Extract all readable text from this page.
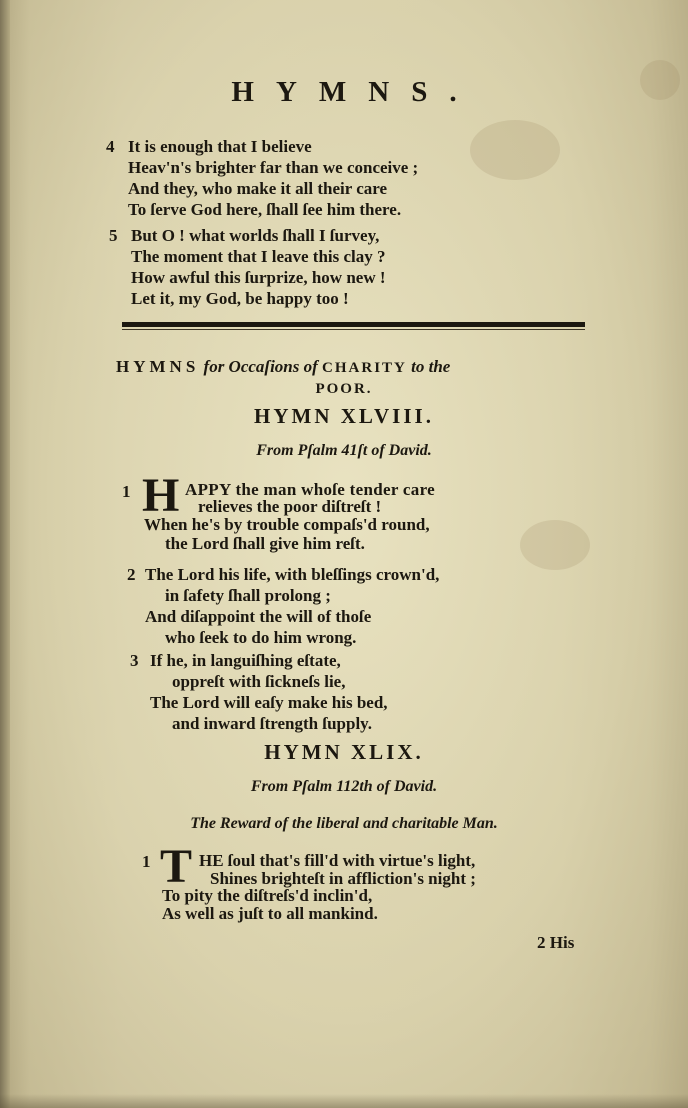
HYMNS.
4 It is enough that I believe
Heav'n's brighter far than we conceive ;
And they, who make it all their care
To ſerve God here, ſhall ſee him there.
5 But O ! what worlds ſhall I ſurvey,
The moment that I leave this clay ?
How awful this ſurprize, how new !
Let it, my God, be happy too !
HYMNS for Occaſions of CHARITY to the
POOR.
HYMN XLVIII.
From Pſalm 41ſt of David.
1 H APPY the man whoſe tender care
relieves the poor diſtreſt !
When he's by trouble compaſs'd round,
the Lord ſhall give him reſt.
2 The Lord his life, with bleſſings crown'd,
in ſafety ſhall prolong ;
And diſappoint the will of thoſe
who ſeek to do him wrong.
3 If he, in languiſhing eſtate,
oppreſt with ſickneſs lie,
The Lord will eaſy make his bed,
and inward ſtrength ſupply.
HYMN XLIX.
From Pſalm 112th of David.
The Reward of the liberal and charitable Man.
1 T HE ſoul that's fill'd with virtue's light,
Shines brighteſt in affliction's night ;
To pity the diſtreſs'd inclin'd,
As well as juſt to all mankind.
2 His
